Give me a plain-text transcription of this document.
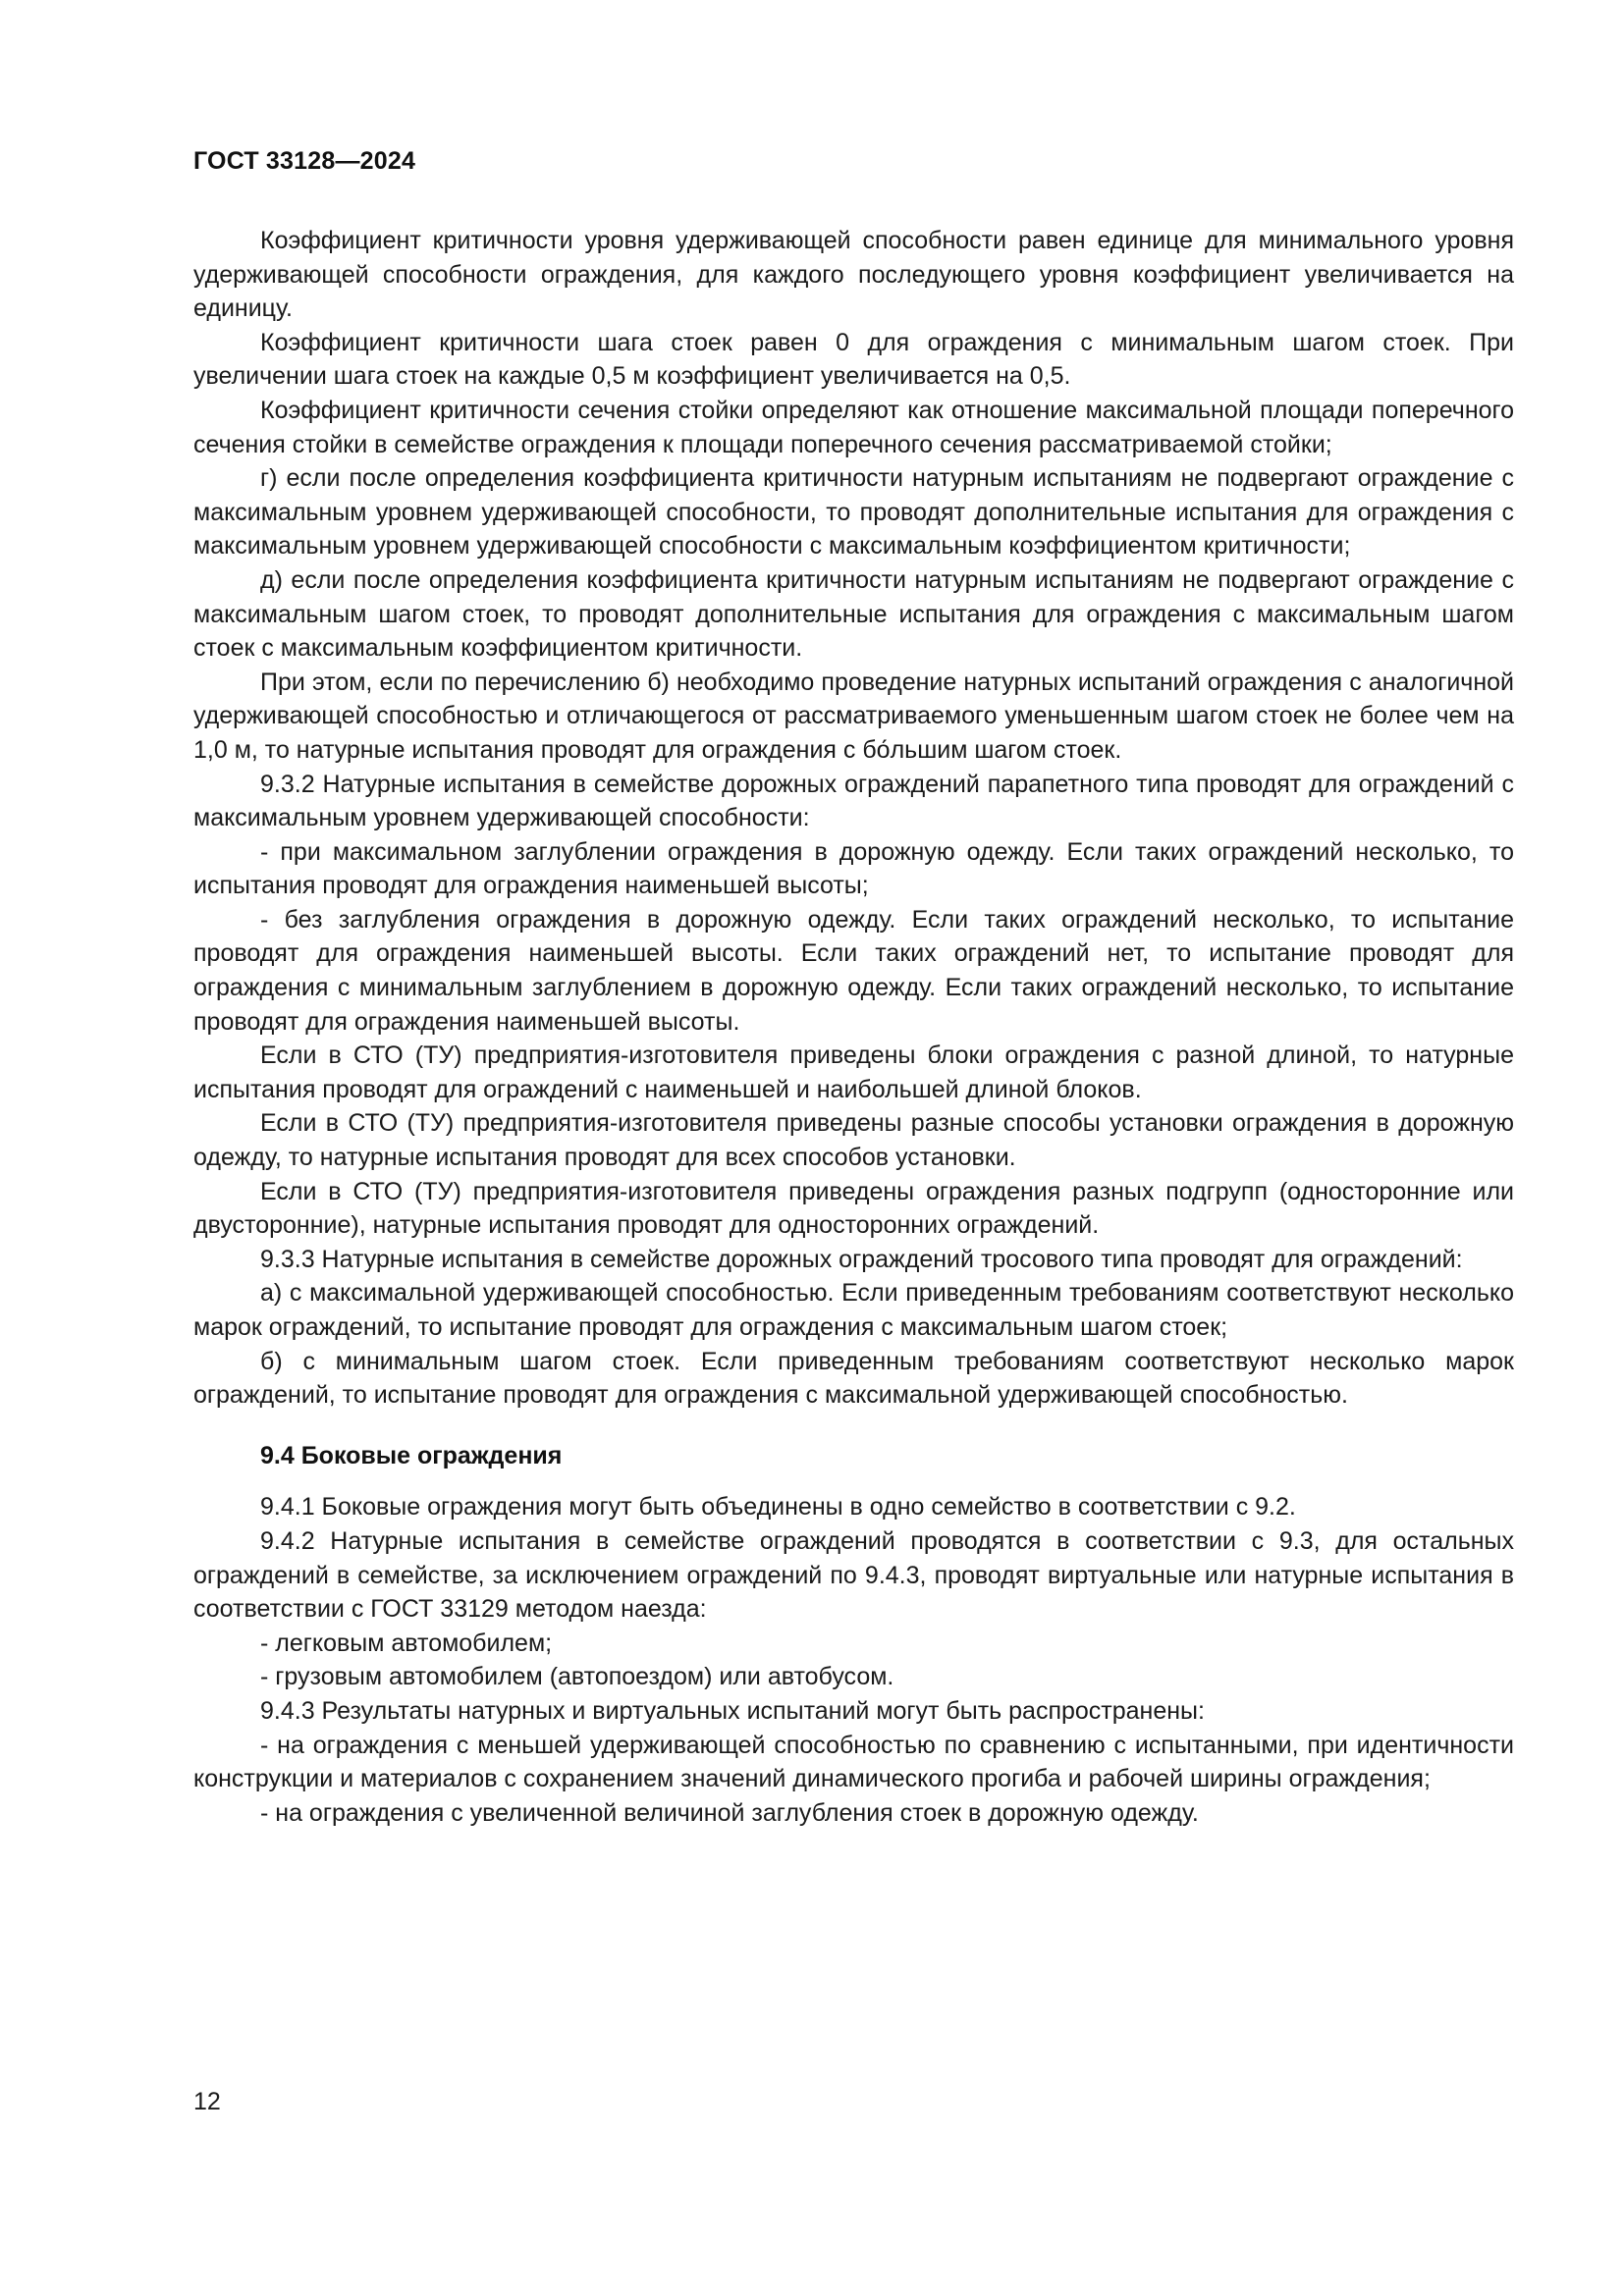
ГОСТ 33128—2024

Коэффициент критичности уровня удерживающей способности равен единице для минимального уровня удерживающей способности ограждения, для каждого последующего уровня коэффициент увеличивается на единицу.

Коэффициент критичности шага стоек равен 0 для ограждения с минимальным шагом стоек. При увеличении шага стоек на каждые 0,5 м коэффициент увеличивается на 0,5.

Коэффициент критичности сечения стойки определяют как отношение максимальной площади поперечного сечения стойки в семействе ограждения к площади поперечного сечения рассматриваемой стойки;

г) если после определения коэффициента критичности натурным испытаниям не подвергают ограждение с максимальным уровнем удерживающей способности, то проводят дополнительные испытания для ограждения с максимальным уровнем удерживающей способности с максимальным коэффициентом критичности;

д) если после определения коэффициента критичности натурным испытаниям не подвергают ограждение с максимальным шагом стоек, то проводят дополнительные испытания для ограждения с максимальным шагом стоек с максимальным коэффициентом критичности.

При этом, если по перечислению б) необходимо проведение натурных испытаний ограждения с аналогичной удерживающей способностью и отличающегося от рассматриваемого уменьшенным шагом стоек не более чем на 1,0 м, то натурные испытания проводят для ограждения с бо́льшим шагом стоек.

9.3.2 Натурные испытания в семействе дорожных ограждений парапетного типа проводят для ограждений с максимальным уровнем удерживающей способности:

- при максимальном заглублении ограждения в дорожную одежду. Если таких ограждений несколько, то испытания проводят для ограждения наименьшей высоты;

- без заглубления ограждения в дорожную одежду. Если таких ограждений несколько, то испытание проводят для ограждения наименьшей высоты. Если таких ограждений нет, то испытание проводят для ограждения с минимальным заглублением в дорожную одежду. Если таких ограждений несколько, то испытание проводят для ограждения наименьшей высоты.

Если в СТО (ТУ) предприятия-изготовителя приведены блоки ограждения с разной длиной, то натурные испытания проводят для ограждений с наименьшей и наибольшей длиной блоков.

Если в СТО (ТУ) предприятия-изготовителя приведены разные способы установки ограждения в дорожную одежду, то натурные испытания проводят для всех способов установки.

Если в СТО (ТУ) предприятия-изготовителя приведены ограждения разных подгрупп (односторонние или двусторонние), натурные испытания проводят для односторонних ограждений.

9.3.3 Натурные испытания в семействе дорожных ограждений тросового типа проводят для ограждений:

а) с максимальной удерживающей способностью. Если приведенным требованиям соответствуют несколько марок ограждений, то испытание проводят для ограждения с максимальным шагом стоек;

б) с минимальным шагом стоек. Если приведенным требованиям соответствуют несколько марок ограждений, то испытание проводят для ограждения с максимальной удерживающей способностью.

9.4 Боковые ограждения

9.4.1 Боковые ограждения могут быть объединены в одно семейство в соответствии с 9.2.

9.4.2 Натурные испытания в семействе ограждений проводятся в соответствии с 9.3, для остальных ограждений в семействе, за исключением ограждений по 9.4.3, проводят виртуальные или натурные испытания в соответствии с ГОСТ 33129 методом наезда:

- легковым автомобилем;

- грузовым автомобилем (автопоездом) или автобусом.

9.4.3 Результаты натурных и виртуальных испытаний могут быть распространены:

- на ограждения с меньшей удерживающей способностью по сравнению с испытанными, при идентичности конструкции и материалов с сохранением значений динамического прогиба и рабочей ширины ограждения;

- на ограждения с увеличенной величиной заглубления стоек в дорожную одежду.

12
